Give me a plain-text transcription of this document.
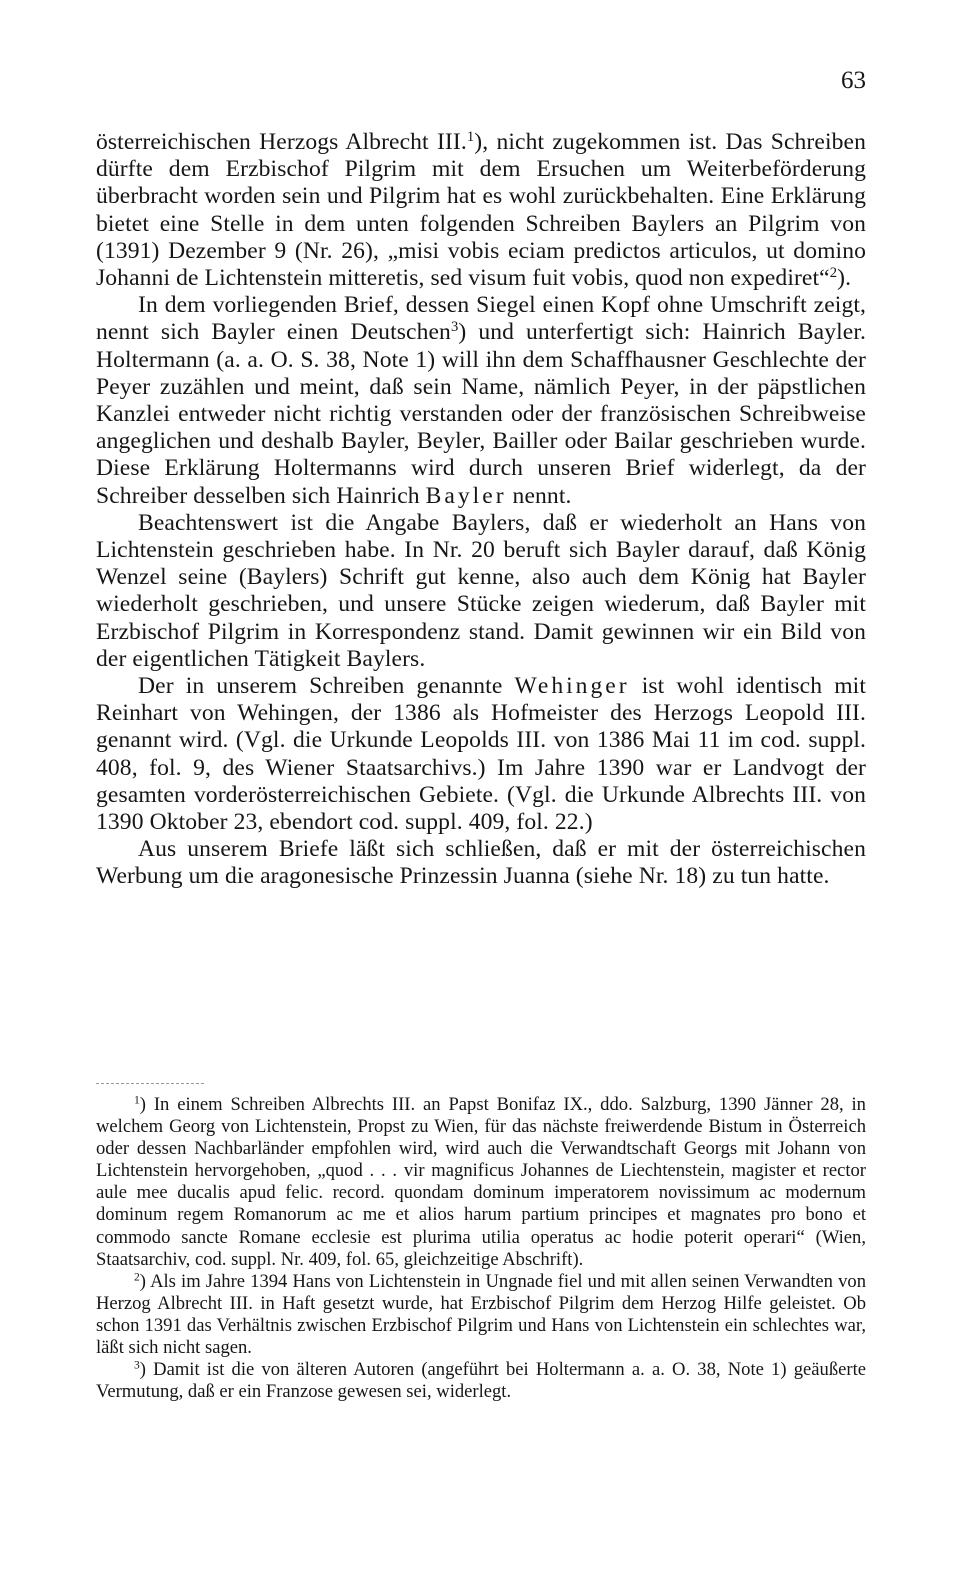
63

österreichischen Herzogs Albrecht III.$^1$), nicht zugekommen ist. Das Schreiben dürfte dem Erzbischof Pilgrim mit dem Ersuchen um Weiterbeförderung überbracht worden sein und Pilgrim hat es wohl zurückbehalten. Eine Erklärung bietet eine Stelle in dem unten folgenden Schreiben Baylers an Pilgrim von (1391) Dezember 9 (Nr. 26), „misi vobis eciam predictos articulos, ut domino Johanni de Lichtenstein mitteretis, sed visum fuit vobis, quod non expediret“$^2$).

In dem vorliegenden Brief, dessen Siegel einen Kopf ohne Umschrift zeigt, nennt sich Bayler einen Deutschen$^3$) und unterfertigt sich: Hainrich Bayler. Holtermann (a. a. O. S. 38, Note 1) will ihn dem Schaffhausner Geschlechte der Peyer zuzählen und meint, daß sein Name, nämlich Peyer, in der päpstlichen Kanzlei entweder nicht richtig verstanden oder der französischen Schreibweise angeglichen und deshalb Bayler, Beyler, Bailler oder Bailar geschrieben wurde. Diese Erklärung Holtermanns wird durch unseren Brief widerlegt, da der Schreiber desselben sich Hainrich Bayler nennt.

Beachtenswert ist die Angabe Baylers, daß er wiederholt an Hans von Lichtenstein geschrieben habe. In Nr. 20 beruft sich Bayler darauf, daß König Wenzel seine (Baylers) Schrift gut kenne, also auch dem König hat Bayler wiederholt geschrieben, und unsere Stücke zeigen wiederum, daß Bayler mit Erzbischof Pilgrim in Korrespondenz stand. Damit gewinnen wir ein Bild von der eigentlichen Tätigkeit Baylers.

Der in unserem Schreiben genannte Wehinger ist wohl identisch mit Reinhart von Wehingen, der 1386 als Hofmeister des Herzogs Leopold III. genannt wird. (Vgl. die Urkunde Leopolds III. von 1386 Mai 11 im cod. suppl. 408, fol. 9, des Wiener Staatsarchivs.) Im Jahre 1390 war er Landvogt der gesamten vorderösterreichischen Gebiete. (Vgl. die Urkunde Albrechts III. von 1390 Oktober 23, ebendort cod. suppl. 409, fol. 22.)

Aus unserem Briefe läßt sich schließen, daß er mit der österreichischen Werbung um die aragonesische Prinzessin Juanna (siehe Nr. 18) zu tun hatte.

$^1$) In einem Schreiben Albrechts III. an Papst Bonifaz IX., ddo. Salzburg, 1390 Jänner 28, in welchem Georg von Lichtenstein, Propst zu Wien, für das nächste freiwerdende Bistum in Österreich oder dessen Nachbarländer empfohlen wird, wird auch die Verwandtschaft Georgs mit Johann von Lichtenstein hervorgehoben, „quod . . . vir magnificus Johannes de Liechtenstein, magister et rector aule mee ducalis apud felic. record. quondam dominum imperatorem novissimum ac modernum dominum regem Romanorum ac me et alios harum partium principes et magnates pro bono et commodo sancte Romane ecclesie est plurima utilia operatus ac hodie poterit operari“ (Wien, Staatsarchiv, cod. suppl. Nr. 409, fol. 65, gleichzeitige Abschrift).

$^2$) Als im Jahre 1394 Hans von Lichtenstein in Ungnade fiel und mit allen seinen Verwandten von Herzog Albrecht III. in Haft gesetzt wurde, hat Erzbischof Pilgrim dem Herzog Hilfe geleistet. Ob schon 1391 das Verhältnis zwischen Erzbischof Pilgrim und Hans von Lichtenstein ein schlechtes war, läßt sich nicht sagen.

$^3$) Damit ist die von älteren Autoren (angeführt bei Holtermann a. a. O. 38, Note 1) geäußerte Vermutung, daß er ein Franzose gewesen sei, widerlegt.
